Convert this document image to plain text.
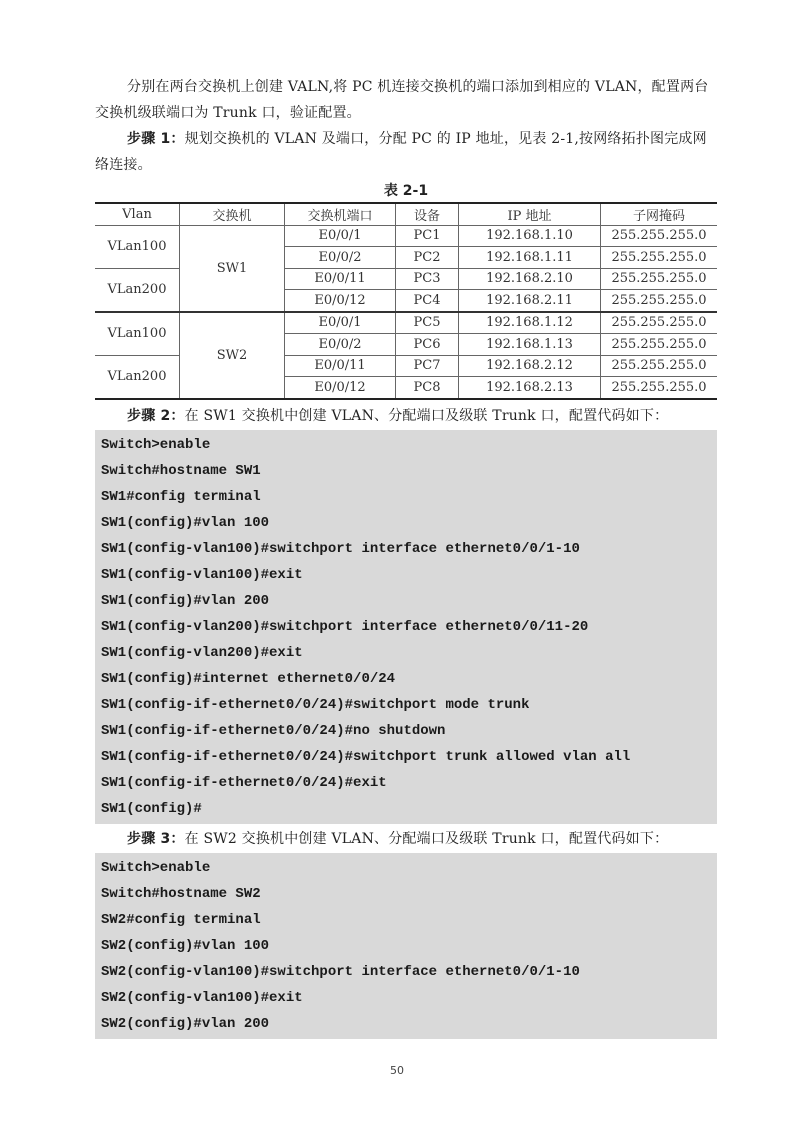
分别在两台交换机上创建 VALN,将 PC 机连接交换机的端口添加到相应的 VLAN，配置两台交换机级联端口为 Trunk 口，验证配置。
步骤 1：规划交换机的 VLAN 及端口，分配 PC 的 IP 地址，见表 2-1,按网络拓扑图完成网络连接。
表 2-1
Vlan	交换机	交换机端口	设备	IP 地址	子网掩码
VLan100	SW1	E0/0/1	PC1	192.168.1.10	255.255.255.0
		E0/0/2	PC2	192.168.1.11	255.255.255.0
VLan200		E0/0/11	PC3	192.168.2.10	255.255.255.0
		E0/0/12	PC4	192.168.2.11	255.255.255.0
VLan100	SW2	E0/0/1	PC5	192.168.1.12	255.255.255.0
		E0/0/2	PC6	192.168.1.13	255.255.255.0
VLan200		E0/0/11	PC7	192.168.2.12	255.255.255.0
		E0/0/12	PC8	192.168.2.13	255.255.255.0
步骤 2：在 SW1 交换机中创建 VLAN、分配端口及级联 Trunk 口，配置代码如下：
Switch>enable
Switch#hostname SW1
SW1#config terminal
SW1(config)#vlan 100
SW1(config-vlan100)#switchport interface ethernet0/0/1-10
SW1(config-vlan100)#exit
SW1(config)#vlan 200
SW1(config-vlan200)#switchport interface ethernet0/0/11-20
SW1(config-vlan200)#exit
SW1(config)#internet ethernet0/0/24
SW1(config-if-ethernet0/0/24)#switchport mode trunk
SW1(config-if-ethernet0/0/24)#no shutdown
SW1(config-if-ethernet0/0/24)#switchport trunk allowed vlan all
SW1(config-if-ethernet0/0/24)#exit
SW1(config)#
步骤 3：在 SW2 交换机中创建 VLAN、分配端口及级联 Trunk 口，配置代码如下：
Switch>enable
Switch#hostname SW2
SW2#config terminal
SW2(config)#vlan 100
SW2(config-vlan100)#switchport interface ethernet0/0/1-10
SW2(config-vlan100)#exit
SW2(config)#vlan 200
50
